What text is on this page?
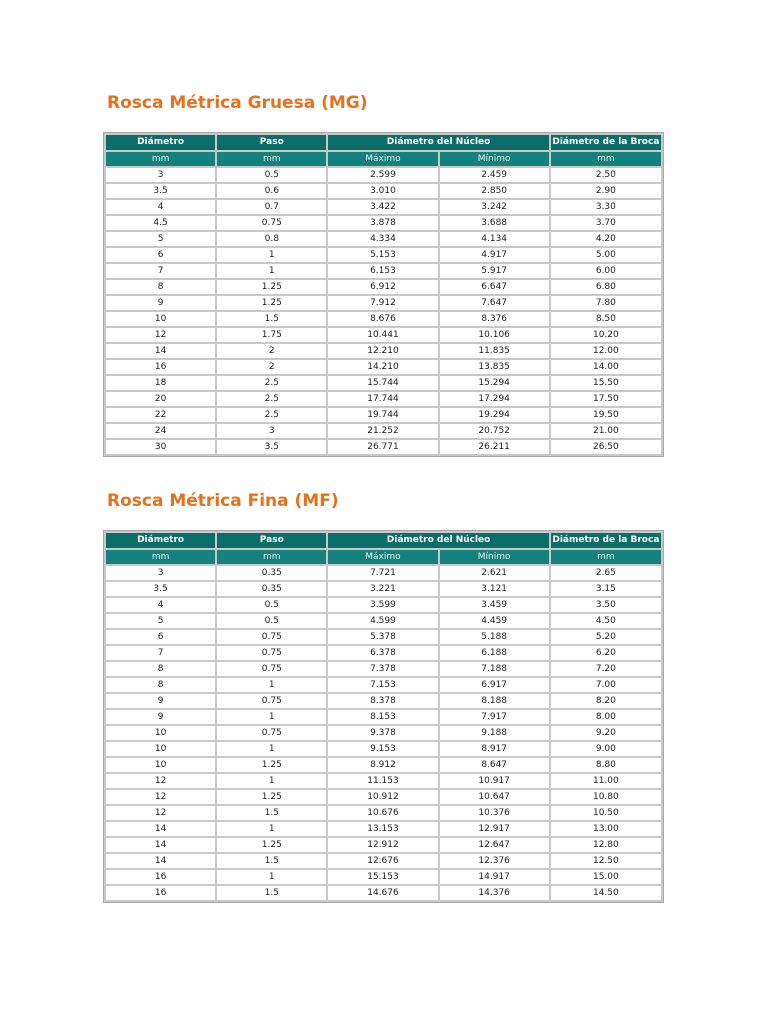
Rosca Métrica Gruesa (MG)
Diámetro	Paso	Diámetro del Núcleo		Diámetro de la Broca
mm	mm	Máximo	Mínimo	mm
3	0.5	2.599	2.459	2.50
3.5	0.6	3.010	2.850	2.90
4	0.7	3.422	3.242	3.30
4.5	0.75	3.878	3.688	3.70
5	0.8	4.334	4.134	4.20
6	1	5.153	4.917	5.00
7	1	6.153	5.917	6.00
8	1.25	6.912	6.647	6.80
9	1.25	7.912	7.647	7.80
10	1.5	8.676	8.376	8.50
12	1.75	10.441	10.106	10.20
14	2	12.210	11.835	12.00
16	2	14.210	13.835	14.00
18	2.5	15.744	15.294	15.50
20	2.5	17.744	17.294	17.50
22	2.5	19.744	19.294	19.50
24	3	21.252	20.752	21.00
30	3.5	26.771	26.211	26.50
Rosca Métrica Fina (MF)
Diámetro	Paso	Diámetro del Núcleo		Diámetro de la Broca
mm	mm	Máximo	Mínimo	mm
3	0.35	7.721	2.621	2.65
3.5	0.35	3.221	3.121	3.15
4	0.5	3.599	3.459	3.50
5	0.5	4.599	4.459	4.50
6	0.75	5.378	5.188	5.20
7	0.75	6.378	6.188	6.20
8	0.75	7.378	7.188	7.20
8	1	7.153	6.917	7.00
9	0.75	8.378	8.188	8.20
9	1	8.153	7.917	8.00
10	0.75	9.378	9.188	9.20
10	1	9.153	8.917	9.00
10	1.25	8.912	8.647	8.80
12	1	11.153	10.917	11.00
12	1.25	10.912	10.647	10.80
12	1.5	10.676	10.376	10.50
14	1	13.153	12.917	13.00
14	1.25	12.912	12.647	12.80
14	1.5	12.676	12.376	12.50
16	1	15.153	14.917	15.00
16	1.5	14.676	14.376	14.50
